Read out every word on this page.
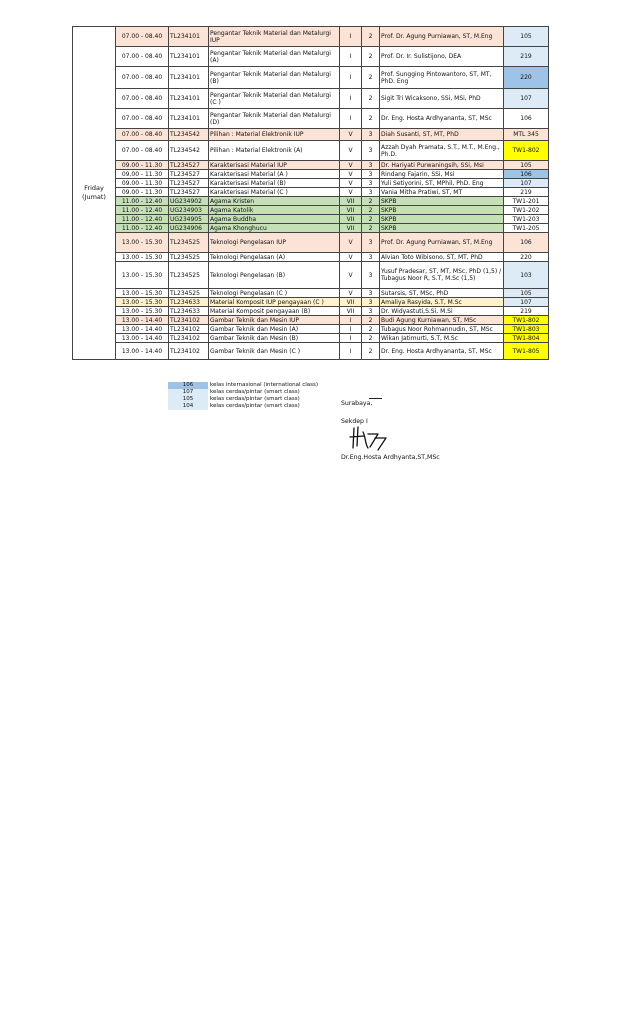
Friday
(Jumat)	07.00 - 08.40	TL234101	Pengantar Teknik Material dan Metalurgi IUP	I	2	Prof. Dr. Agung Purniawan, ST, M.Eng	105
	07.00 - 08.40	TL234101	Pengantar Teknik Material dan Metalurgi (A)	I	2	Prof. Dr. Ir. Sulistijono, DEA	219
	07.00 - 08.40	TL234101	Pengantar Teknik Material dan Metalurgi (B)	I	2	Prof. Sungging Pintowantoro, ST, MT, PhD. Eng	220
	07.00 - 08.40	TL234101	Pengantar Teknik Material dan Metalurgi (C )	I	2	Sigit Tri Wicaksono, SSi, MSi, PhD	107
	07.00 - 08.40	TL234101	Pengantar Teknik Material dan Metalurgi (D)	I	2	Dr. Eng. Hosta Ardhyananta, ST, MSc	106
	07.00 - 08.40	TL234542	Pilihan : Material Elektronik IUP	V	3	Diah Susanti, ST, MT, PhD	MTL 345
	07.00 - 08.40	TL234542	Pilihan : Material Elektronik (A)	V	3	Azzah Dyah Pramata, S.T., M.T., M.Eng., Ph.D.	TW1-802
	09.00 - 11.30	TL234527	Karakterisasi Material IUP	V	3	Dr. Hariyati Purwaningsih, SSi, Msi	105
	09.00 - 11.30	TL234527	Karakterisasi Material (A )	V	3	Rindang Fajarin, SSi, Msi	106
	09.00 - 11.30	TL234527	Karakterisasi Material (B)	V	3	Yuli Setiyorini, ST, MPhil, PhD. Eng	107
	09.00 - 11.30	TL234527	Karakterisasi Material (C )	V	3	Vania Mitha Pratiwi, ST, MT	219
	11.00 - 12.40	UG234902	Agama Kristen	VII	2	SKPB	TW1-201
	11.00 - 12.40	UG234903	Agama Katolik	VII	2	SKPB	TW1-202
	11.00 - 12.40	UG234905	Agama Buddha	VII	2	SKPB	TW1-203
	11.00 - 12.40	UG234906	Agama Khonghucu	VII	2	SKPB	TW1-205
	13.00 - 15.30	TL234525	Teknologi Pengelasan IUP	V	3	Prof. Dr. Agung Purniawan, ST, M.Eng	106
	13.00 - 15.30	TL234525	Teknologi Pengelasan (A)	V	3	Alvian Toto Wibisono, ST, MT, PhD	220
	13.00 - 15.30	TL234525	Teknologi Pengelasan (B)	V	3	Yusuf Pradesar, ST, MT, MSc, PhD (1,5) / Tubagus Noor R, S.T, M.Sc (1,5)	103
	13.00 - 15.30	TL234525	Teknologi Pengelasan (C )	V	3	Sutarsis, ST, MSc, PhD	105
	13.00 - 15.30	TL234633	Material Komposit IUP pengayaan (C )	VII	3	Amaliya Rasyida, S.T, M.Sc	107
	13.00 - 15.30	TL234633	Material Komposit pengayaan (B)	VII	3	Dr. Widyastuti,S.Si, M.Si	219
	13.00 - 14.40	TL234102	Gambar Teknik dan Mesin IUP	I	2	Budi Agung Kurniawan, ST, MSc	TW1-802
	13.00 - 14.40	TL234102	Gambar Teknik dan Mesin (A)	I	2	Tubagus Noor Rohmannudin, ST, MSc	TW1-803
	13.00 - 14.40	TL234102	Gambar Teknik dan Mesin (B)	I	2	Wikan Jatimurti, S.T, M.Sc	TW1-804
	13.00 - 14.40	TL234102	Gambar Teknik dan Mesin (C )	I	2	Dr. Eng. Hosta Ardhyananta, ST, MSc	TW1-805
106	kelas internasional (international class)
107	kelas cerdas/pintar (smart class)
105	kelas cerdas/pintar (smart class)

104	kelas cerdas/pintar (smart class)	Surabaya,
Sekdep I
Dr.Eng.Hosta Ardhyanta,ST,MSc
